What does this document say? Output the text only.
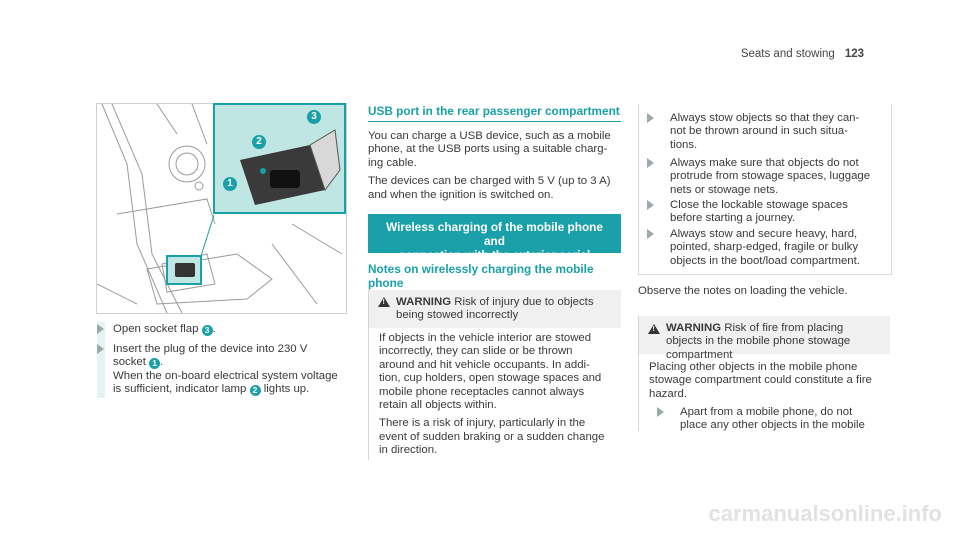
Seats and stowing 123
1
2
3
Open socket flap 3 .
Insert the plug of the device into 230 V
socket 1 .
When the on-board electrical system voltage
is sufficient, indicator lamp 2 lights up.
USB port in the rear passenger compartment

You can charge a USB device, such as a mobile
phone, at the USB ports using a suitable charg-
ing cable.

The devices can be charged with 5 V (up to 3 A)
and when the ignition is switched on.

Wireless charging of the mobile phone and
connection with the exterior aerial
Notes on wirelessly charging the mobile
phone
!
WARNING Risk of injury due to objects
being stowed incorrectly
If objects in the vehicle interior are stowed
incorrectly, they can slide or be thrown
around and hit vehicle occupants. In addi-
tion, cup holders, open stowage spaces and
mobile phone receptacles cannot always
retain all objects within.
There is a risk of injury, particularly in the
event of sudden braking or a sudden change
in direction.
Always stow objects so that they can-
not be thrown around in such situa-
tions.
Always make sure that objects do not
protrude from stowage spaces, luggage
nets or stowage nets.
Close the lockable stowage spaces
before starting a journey.
Always stow and secure heavy, hard,
pointed, sharp-edged, fragile or bulky
objects in the boot/load compartment.
Observe the notes on loading the vehicle.
!
WARNING Risk of fire from placing
objects in the mobile phone stowage
compartment
Placing other objects in the mobile phone
stowage compartment could constitute a fire
hazard.
Apart from a mobile phone, do not
place any other objects in the mobile
carmanualsonline.info
